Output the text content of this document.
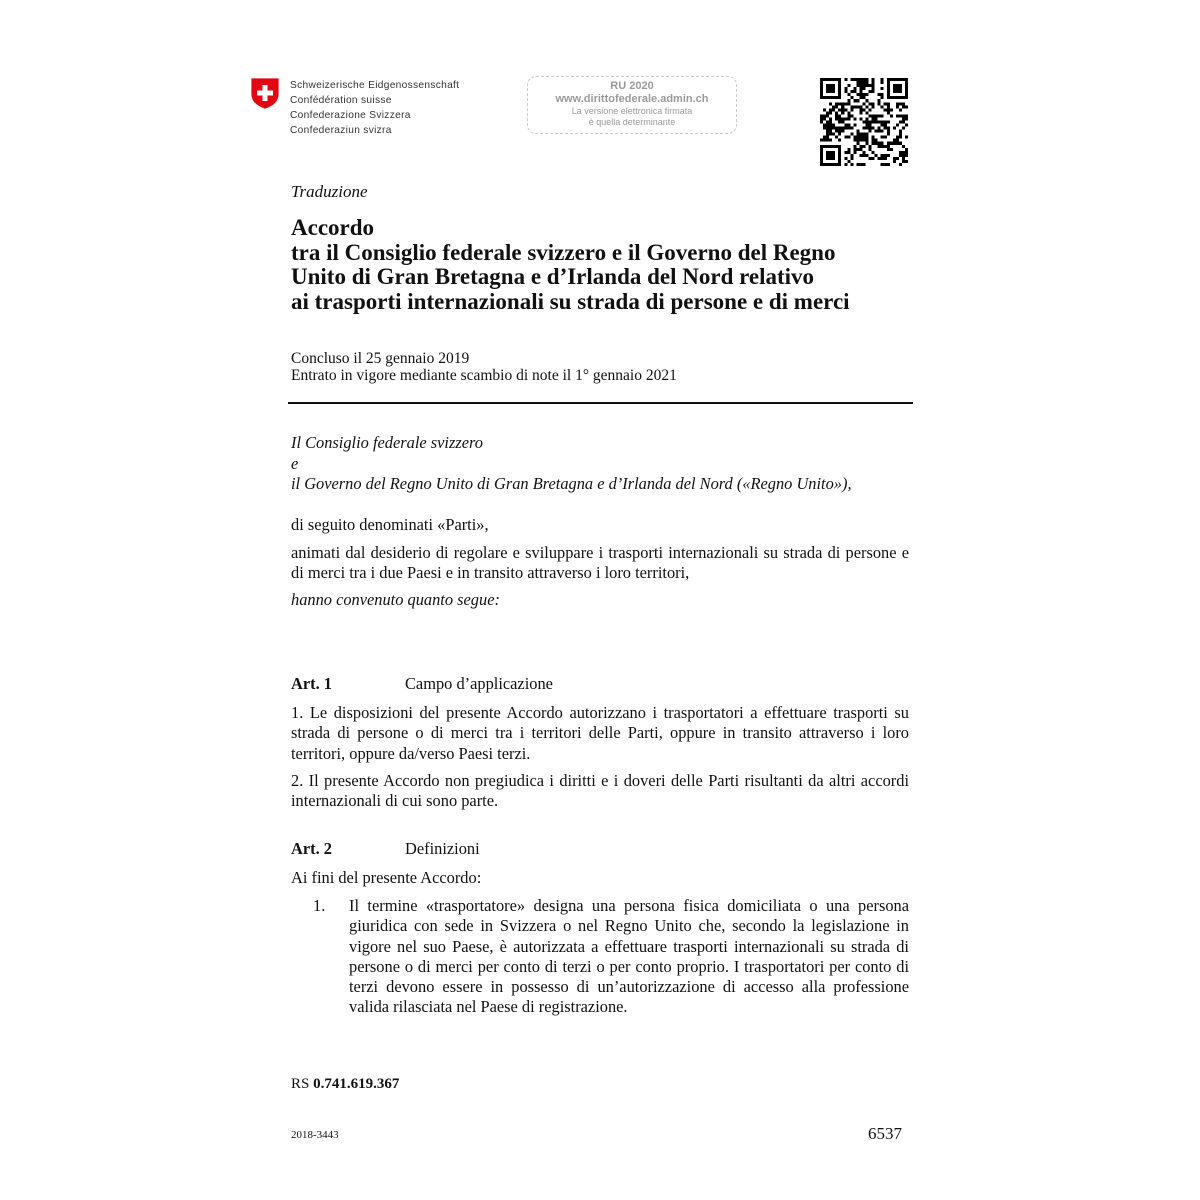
Schweizerische Eidgenossenschaft
Confédération suisse
Confederazione Svizzera
Confederaziun svizra
RU 2020
www.dirittofederale.admin.ch
La versione elettronica firmata
è quella determinante
Traduzione
Accordo
tra il Consiglio federale svizzero e il Governo del Regno
Unito di Gran Bretagna e d’Irlanda del Nord relativo
ai trasporti internazionali su strada di persone e di merci
Concluso il 25 gennaio 2019
Entrato in vigore mediante scambio di note il 1° gennaio 2021
Il Consiglio federale svizzero
e
il Governo del Regno Unito di Gran Bretagna e d’Irlanda del Nord («Regno Unito»),
di seguito denominati «Parti»,
animati dal desiderio di regolare e sviluppare i trasporti internazionali su strada di persone e di merci tra i due Paesi e in transito attraverso i loro territori,
hanno convenuto quanto segue:
Art. 1	Campo d’applicazione
1. Le disposizioni del presente Accordo autorizzano i trasportatori a effettuare trasporti su strada di persone o di merci tra i territori delle Parti, oppure in transito attraverso i loro territori, oppure da/verso Paesi terzi.
2. Il presente Accordo non pregiudica i diritti e i doveri delle Parti risultanti da altri accordi internazionali di cui sono parte.
Art. 2	Definizioni
Ai fini del presente Accordo:
1. Il termine «trasportatore» designa una persona fisica domiciliata o una persona giuridica con sede in Svizzera o nel Regno Unito che, secondo la legislazione in vigore nel suo Paese, è autorizzata a effettuare trasporti internazionali su strada di persone o di merci per conto di terzi o per conto proprio. I trasportatori per conto di terzi devono essere in possesso di un’autorizzazione di accesso alla professione valida rilasciata nel Paese di registrazione.
RS 0.741.619.367
2018-3443	6537
